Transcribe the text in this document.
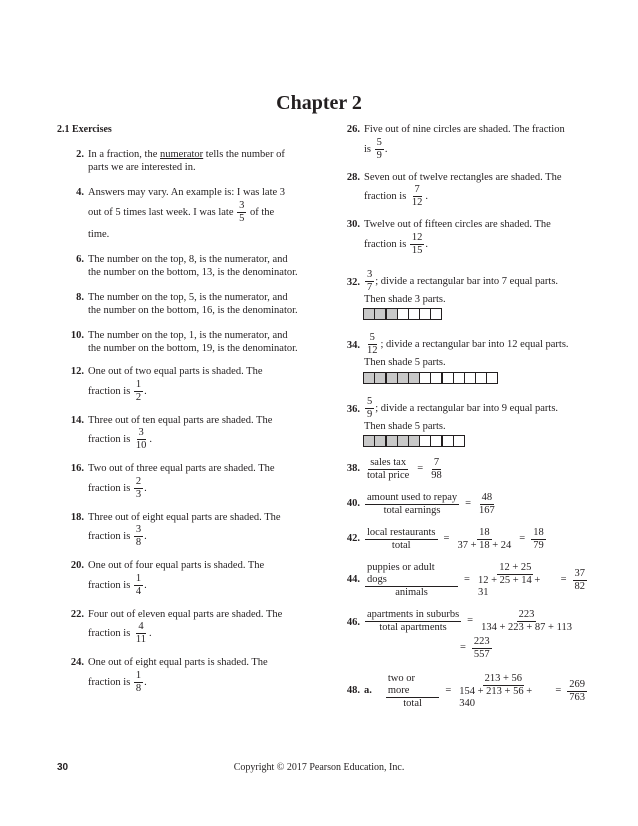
Chapter 2
2.1 Exercises
2. In a fraction, the numerator tells the number of parts we are interested in.
4. Answers may vary. An example is: I was late 3
out of 5 times last week. I was late $\frac{3}{5}$ of the
time.
6. The number on the top, 8, is the numerator, and the number on the bottom, 13, is the denominator.
8. The number on the top, 5, is the numerator, and the number on the bottom, 16, is the denominator.
10. The number on the top, 1, is the numerator, and the number on the bottom, 19, is the denominator.
12. One out of two equal parts is shaded. The
fraction is $\frac{1}{2}$ .
14. Three out of ten equal parts are shaded. The
fraction is $\frac{3}{10}$ .
16. Two out of three equal parts are shaded. The
fraction is $\frac{2}{3}$ .
18. Three out of eight equal parts are shaded. The
fraction is $\frac{3}{8}$ .
20. One out of four equal parts is shaded. The
fraction is $\frac{1}{4}$ .
22. Four out of eleven equal parts are shaded. The
fraction is $\frac{4}{11}$ .
24. One out of eight equal parts is shaded. The
fraction is $\frac{1}{8}$ .
26. Five out of nine circles are shaded. The fraction
is $\frac{5}{9}$ .
28. Seven out of twelve rectangles are shaded. The
fraction is $\frac{7}{12}$ .
30. Twelve out of fifteen circles are shaded. The
fraction is $\frac{12}{15}$ .
32. $\frac{3}{7}$ ; divide a rectangular bar into 7 equal parts.
Then shade 3 parts.
34. $\frac{5}{12}$ ; divide a rectangular bar into 12 equal parts.
Then shade 5 parts.
36. $\frac{5}{9}$ ; divide a rectangular bar into 9 equal parts.
Then shade 5 parts.
38. $\frac{\text{sales tax}}{\text{total price}} = \frac{7}{98}$
40. $\frac{\text{amount used to repay}}{\text{total earnings}} = \frac{48}{167}$
42. $\frac{\text{local restaurants}}{\text{total}} = \frac{18}{37 + 18 + 24} = \frac{18}{79}$
44. $\frac{\text{puppies or adult dogs}}{\text{animals}} = \frac{12 + 25}{12 + 25 + 14 + 31} = \frac{37}{82}$
46. $\frac{\text{apartments in suburbs}}{\text{total apartments}} = \frac{223}{134 + 223 + 87 + 113}$
= $\frac{223}{557}$
48. a. $\frac{\text{two or more}}{\text{total}} = \frac{213 + 56}{154 + 213 + 56 + 340} = \frac{269}{763}$
30	Copyright © 2017 Pearson Education, Inc.
